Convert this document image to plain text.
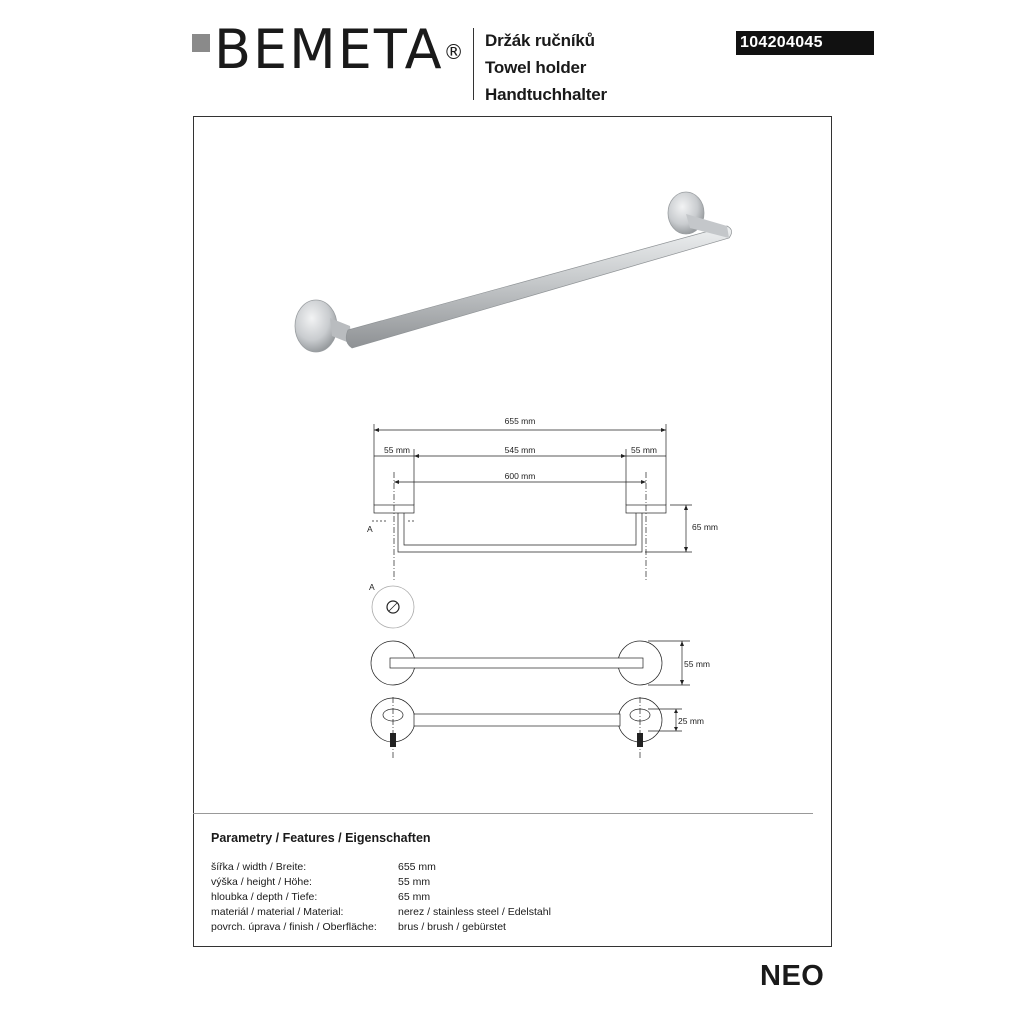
BEMETA® Držák ručníků
Towel holder
Handtuchhalter
104204045
655 mm
55 mm	545 mm	55 mm
600 mm
65 mm
A
A
55 mm
25 mm
Parametry / Features / Eigenschaften
šířka / width / Breite:	655 mm
výška / height / Höhe:	55 mm
hloubka / depth / Tiefe:	65 mm
materiál / material / Material:	nerez / stainless steel / Edelstahl
povrch. úprava / finish / Oberfläche: brus / brush / gebürstet
NEO
